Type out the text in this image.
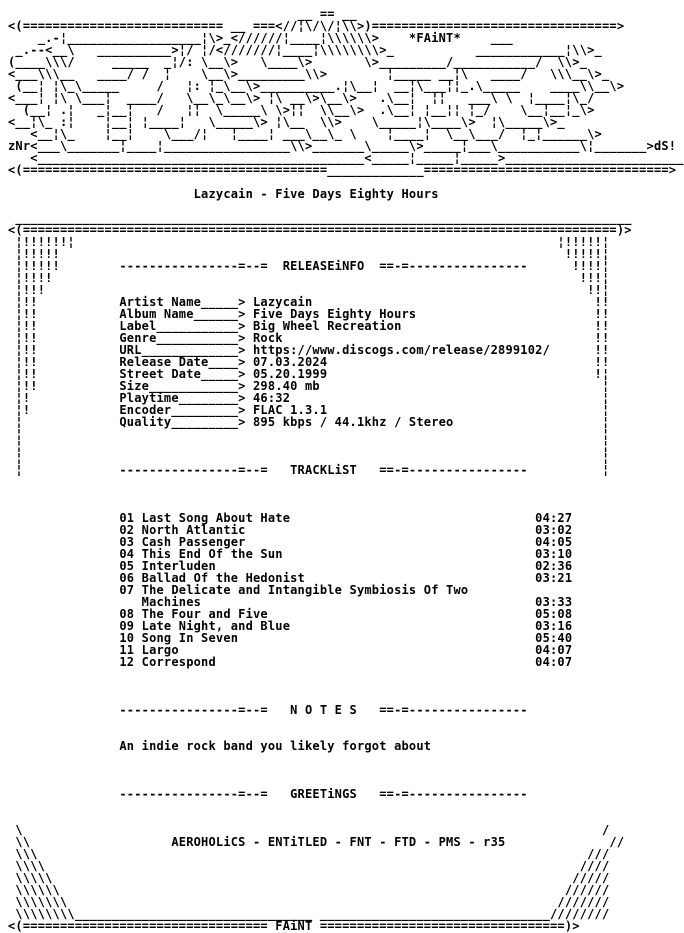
__ == __
<(=========================== __ ===<//¦\/\/¦\\>)=================================>
_.-¦__________________¦\>_<//////¦____¦\\\\\\>    *FAiNT*    ___
_.--<__\   __________>¦/ ¦/<///////¦____¦\\\\\\\\>_           ____________¦\\>_
(____\\\/     _____  _¦/: \__\>   \____\>       \>_________/___________/  \\>_
<___\\\__   ____/ /  ¦    \__\>_________\\>        ¦_____ __¦\   ____/   \\\__\>_
(__¦ ¦\_\_____     /   ¦: ¦_\__\>__________.¦\__¦  __¦\___¦¦_.\_____    ____\\__\>
<___¦ ¦\ \___¦  ____/   \__\_\__\> ¦\ __\>\__\>   .\__¦  ¦¦   ___\ \  ¦____¦\_/
(__¦ .¦   _¦__¦   /   ¦¦  \_____\ \>¦¦  \\__\>  .\__¦ ¦__¦¦ ¦_/    \__¦__¦_\>
<__¦\_ :¦    ¦__¦ ¦____¦   \_____\> ¦\__  \\>    \_____¦\____\>  ¦\_____\>_
<__¦\_    ¦__¦    \___/¦   ¦____¦ ___\__\_ \    ¦____¦  \__\___/  ¦_¦______\>
zNr<___\_______¦____¦_________________\\>_______\_____\>_____¦___\___________\¦_______>dS!
<____________________________________________<_____¦_____¦_____>________________________
<(=========================================_____________=================================>

Lazycain - Five Days Eighty Hours

___________________________________________________________________________________
<(================================================================================)>
¦!!!!!!¦                                                                 ¦!!!!!¦
¦!!!!!                                                                    !!!!!¦
¦!!!!!        ----------------=--=  RELEASEiNFO  ==-=----------------      !!!!¦
¦!!!!                                                                       !!!¦
¦!!!                                                                         !!¦
¦!!           Artist Name_____> Lazycain                                      !!
¦!!           Album Name______> Five Days Eighty Hours                        !!
¦!!           Label___________> Big Wheel Recreation                          !!
¦!!           Genre___________> Rock                                          !!
¦!!           URL_____________> https://www.discogs.com/release/2899102/      !!
¦!!           Release Date____> 07.03.2024                                    !!
¦!!           Street Date_____> 05.20.1999                                    !¦
¦!!           Size____________> 298.40 mb                                      ¦
¦!            Playtime________> 46:32                                          ¦
¦!            Encoder_________> FLAC 1.3.1                                     ¦
¦             Quality_________> 895 kbps / 44.1khz / Stereo                    ¦
¦                                                                              ¦
¦                                                                              ¦
¦                                                                              ¦
¦             ----------------=--=   TRACKLiST   ==-=----------------          ¦

01 Last Song About Hate                                 04:27
02 North Atlantic                                       03:02
03 Cash Passenger                                       04:05
04 This End Of the Sun                                  03:10
05 Interluden                                           02:36
06 Ballad Of the Hedonist                               03:21
07 The Delicate and Intangible Symbiosis Of Two
Machines                                             03:33
08 The Four and Five                                    05:08
09 Late Night, and Blue                                 03:16
10 Song In Seven                                        05:40
11 Largo                                                04:07
12 Correspond                                           04:07

----------------=--=   N O T E S   ==-=----------------

An indie rock band you likely forgot about

----------------=--=   GREETiNGS   ==-=----------------

\                                                                              /
\\                   AEROHOLiCS - ENTiTLED - FNT - FTD - PMS - r35              //
\\\                                                                          ///
\\\\                                                                        ////
\\\\\                                                                      /////
\\\\\\                                                                    //////
\\\\\\\                                                                  ///////
\\\\\\\\________________________________ _______________________________////////
<(================================= FAiNT =================================)>
